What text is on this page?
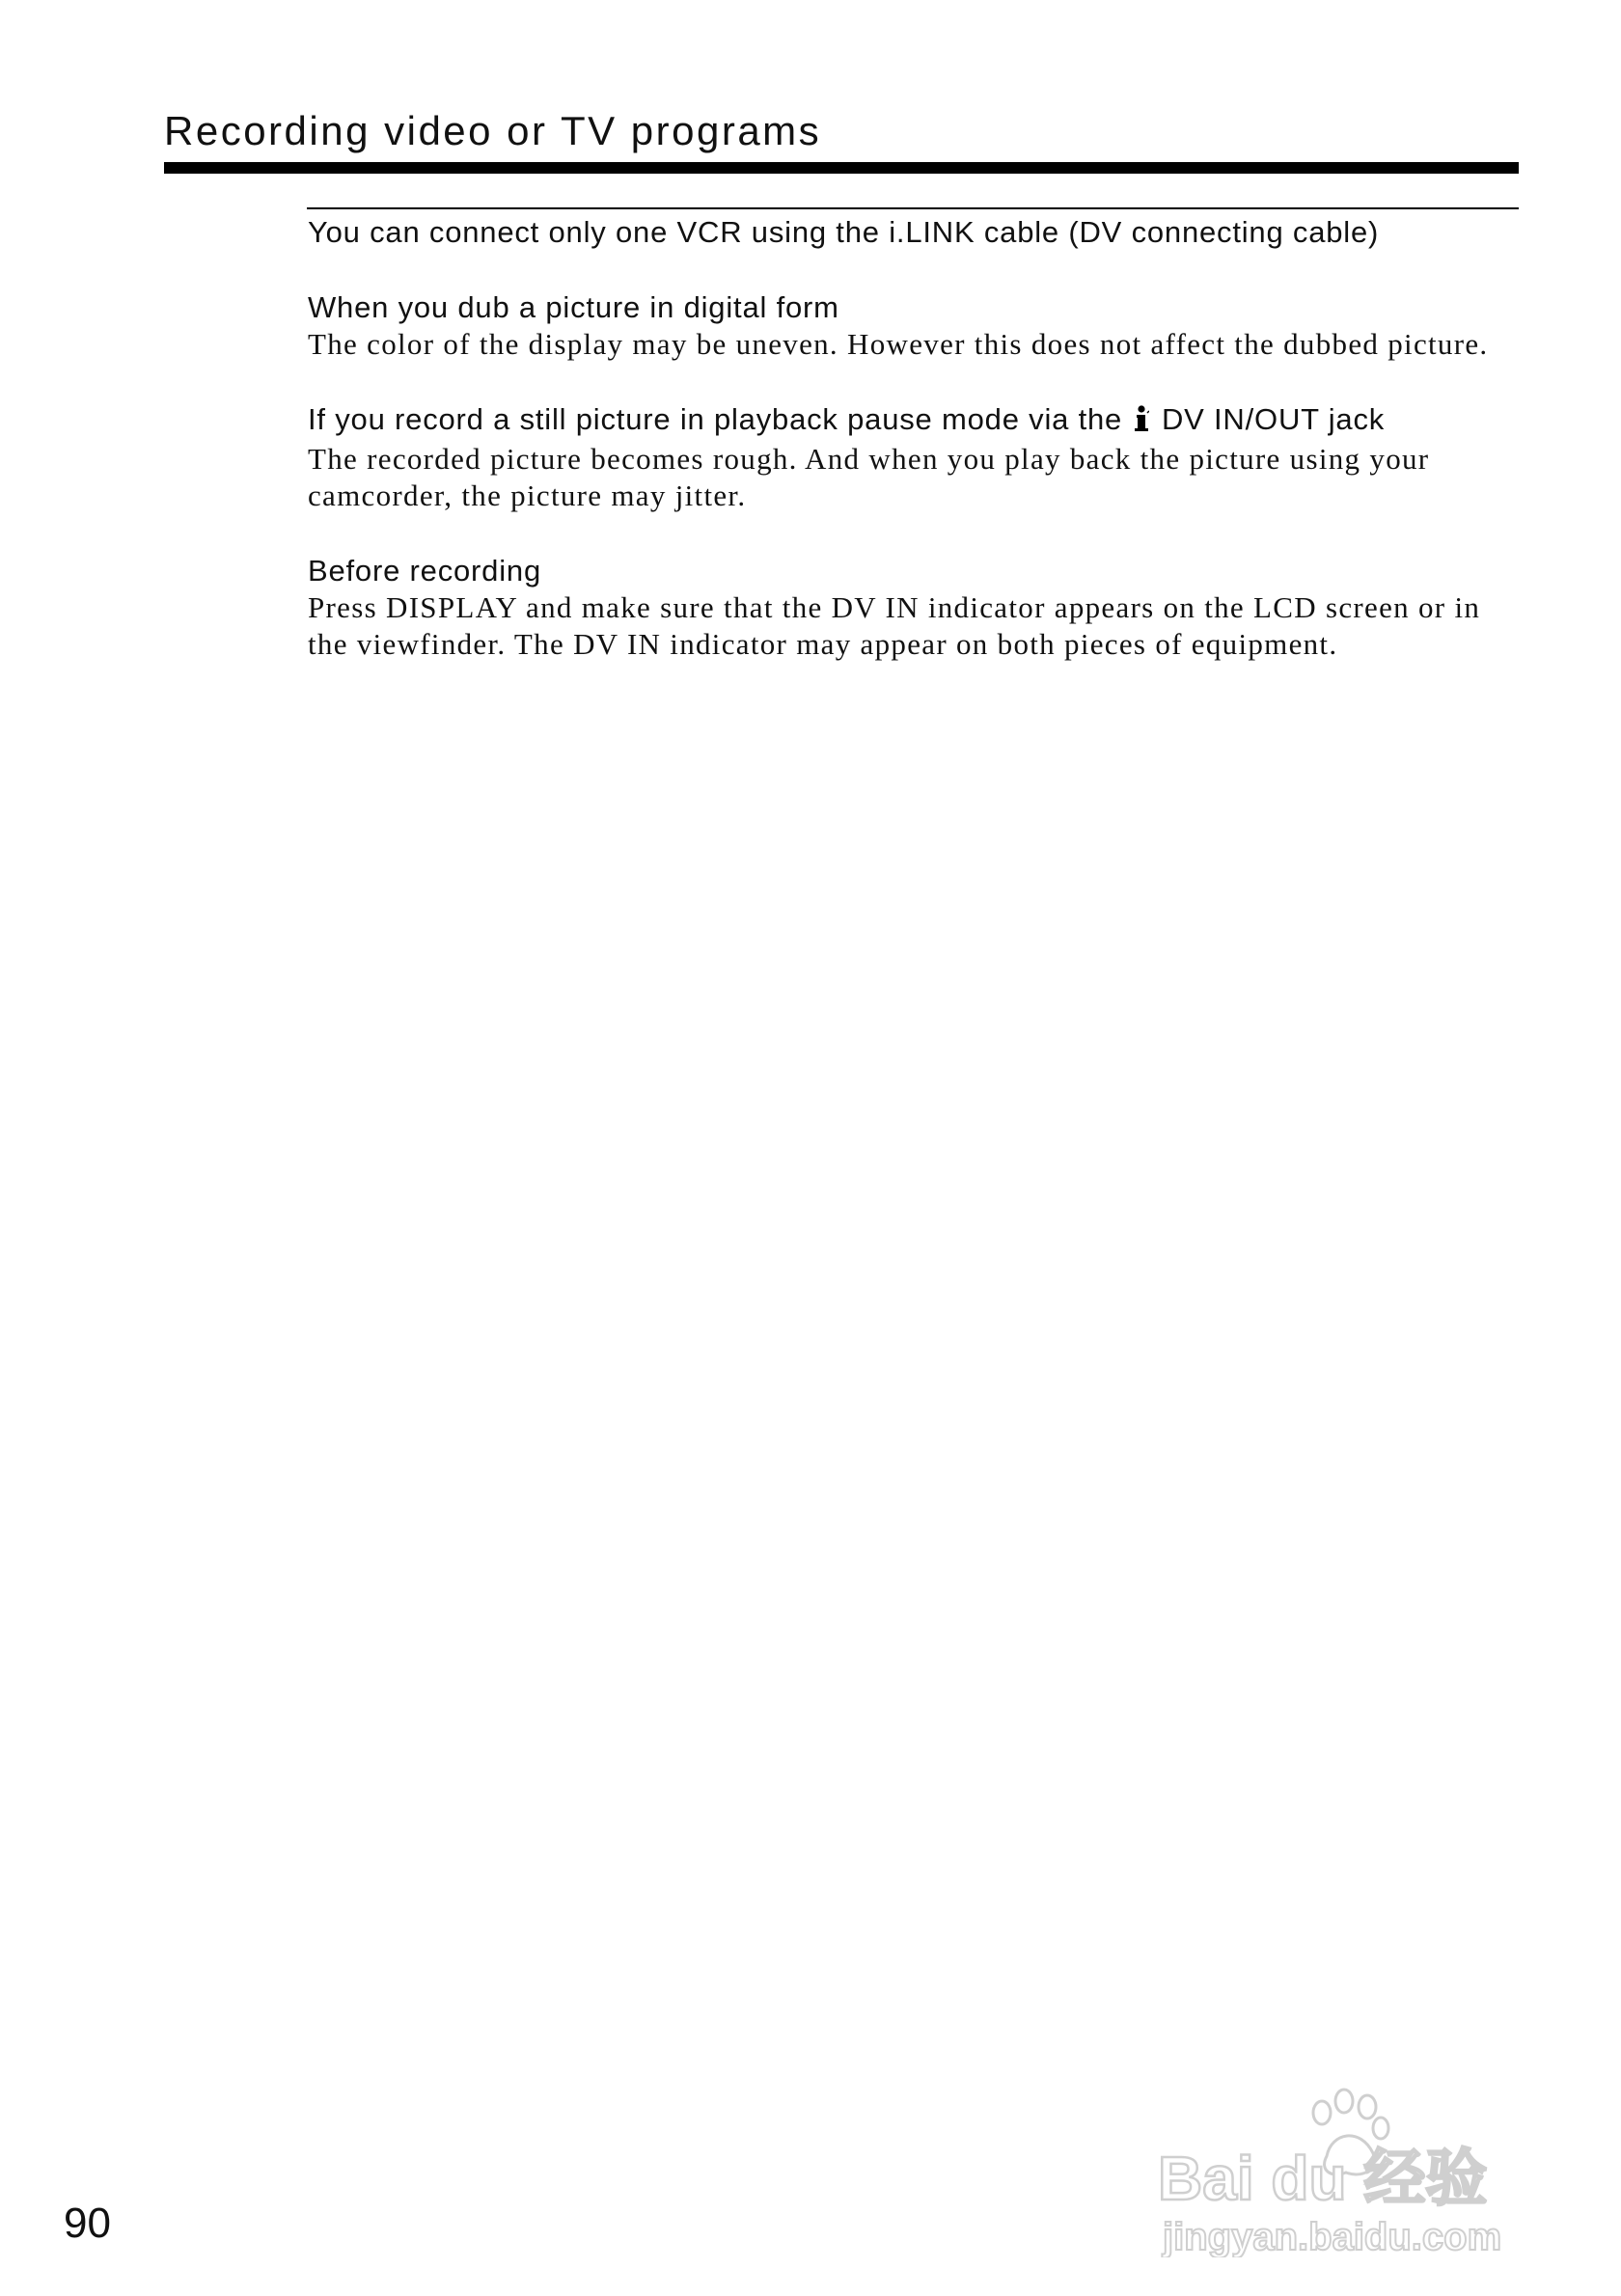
Recording video or TV programs

You can connect only one VCR using the i.LINK cable (DV connecting cable)

When you dub a picture in digital form

The color of the display may be uneven. However this does not affect the dubbed picture.

If you record a still picture in playback pause mode via the DV IN/OUT jack

The recorded picture becomes rough. And when you play back the picture using your camcorder, the picture may jitter.

Before recording

Press DISPLAY and make sure that the DV IN indicator appears on the LCD screen or in the viewfinder. The DV IN indicator may appear on both pieces of equipment.

90
Bai du 经验
jingyan.baidu.com
